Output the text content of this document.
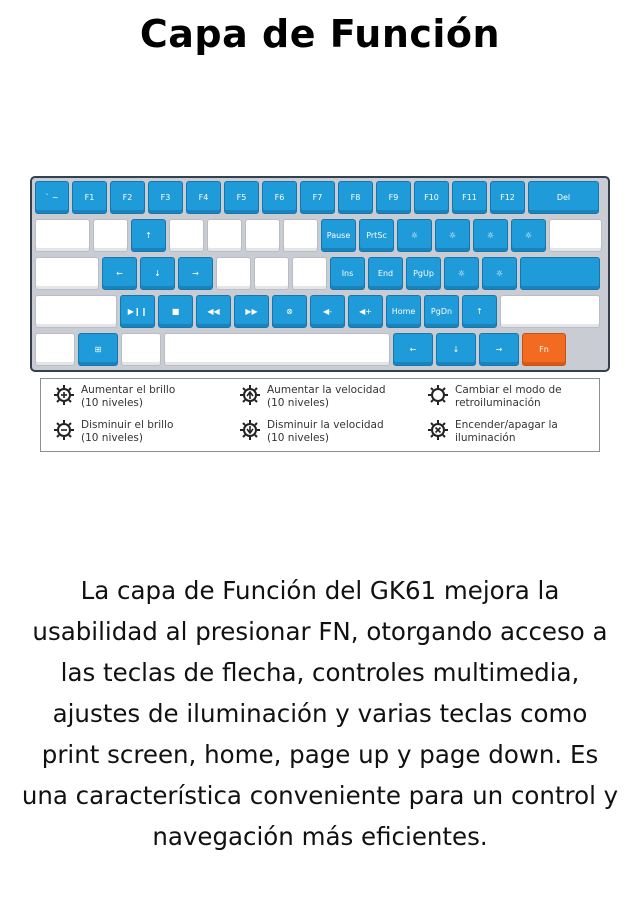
Capa de Función
` ~	F1	F2	F3	F4	F5	F6	F7	F8	F9	F10	F11	F12	Del
↑	Pause	PrtSc	☼	☼	☼	☼
←	↓	→	Ins	End	PgUp	☼	☼
▶❙❙	■	◀◀	▶▶	⊗	◀-	◀+	Home	PgDn	↑
⊞	←	↓	→	Fn
Aumentar el brillo
(10 niveles)
Aumentar la velocidad
(10 niveles)
Cambiar el modo de
retroiluminación
Disminuir el brillo
(10 niveles)
Disminuir la velocidad
(10 niveles)
Encender/apagar la
iluminación
La capa de Función del GK61 mejora la usabilidad al presionar FN, otorgando acceso a las teclas de flecha, controles multimedia, ajustes de iluminación y varias teclas como print screen, home, page up y page down. Es una característica conveniente para un control y navegación más eficientes.
